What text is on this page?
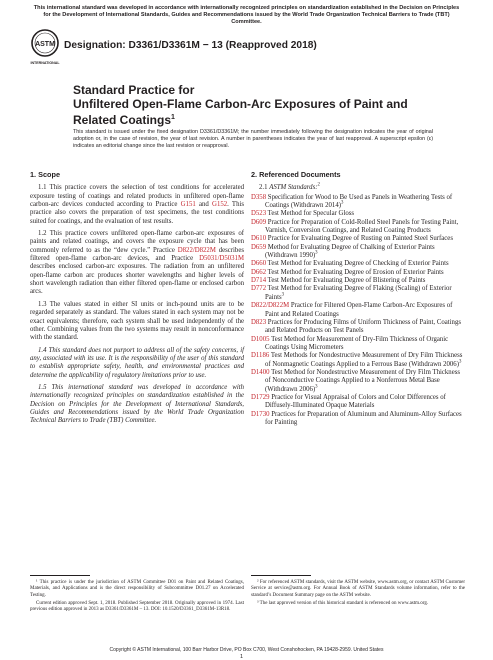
This international standard was developed in accordance with internationally recognized principles on standardization established in the Decision on Principles for the Development of International Standards, Guides and Recommendations issued by the World Trade Organization Technical Barriers to Trade (TBT) Committee.
ASTM
INTERNATIONAL
Designation: D3361/D3361M − 13 (Reapproved 2018)
Standard Practice for
Unfiltered Open-Flame Carbon-Arc Exposures of Paint and Related Coatings$^1$
This standard is issued under the fixed designation D3361/D3361M; the number immediately following the designation indicates the year of original adoption or, in the case of revision, the year of last revision. A number in parentheses indicates the year of last reapproval. A superscript epsilon (ε) indicates an editorial change since the last revision or reapproval.
1. Scope

1.1 This practice covers the selection of test conditions for accelerated exposure testing of coatings and related products in unfiltered open-flame carbon-arc devices conducted according to Practice G151 and G152. This practice also covers the preparation of test specimens, the test conditions suited for coatings, and the evaluation of test results.

1.2 This practice covers unfiltered open-flame carbon-arc exposures of paints and related coatings, and covers the exposure cycle that has been commonly referred to as the “dew cycle.” Practice D822/D822M describes filtered open-flame carbon-arc devices, and Practice D5031/D5031M describes enclosed carbon-arc exposures. The radiation from an unfiltered open-flame carbon arc produces shorter wavelengths and higher levels of short wavelength radiation than either filtered open-flame or enclosed carbon arcs.

1.3 The values stated in either SI units or inch-pound units are to be regarded separately as standard. The values stated in each system may not be exact equivalents; therefore, each system shall be used independently of the other. Combining values from the two systems may result in nonconformance with the standard.

1.4 This standard does not purport to address all of the safety concerns, if any, associated with its use. It is the responsibility of the user of this standard to establish appropriate safety, health, and environmental practices and determine the applicability of regulatory limitations prior to use.

1.5 This international standard was developed in accordance with internationally recognized principles on standardization established in the Decision on Principles for the Development of International Standards, Guides and Recommendations issued by the World Trade Organization Technical Barriers to Trade (TBT) Committee.

2. Referenced Documents

2.1 ASTM Standards:$^2$

D358 Specification for Wood to Be Used as Panels in Weathering Tests of Coatings (Withdrawn 2014)$^3$

D523 Test Method for Specular Gloss

D609 Practice for Preparation of Cold-Rolled Steel Panels for Testing Paint, Varnish, Conversion Coatings, and Related Coating Products

D610 Practice for Evaluating Degree of Rusting on Painted Steel Surfaces

D659 Method for Evaluating Degree of Chalking of Exterior Paints (Withdrawn 1990)$^3$

D660 Test Method for Evaluating Degree of Checking of Exterior Paints

D662 Test Method for Evaluating Degree of Erosion of Exterior Paints

D714 Test Method for Evaluating Degree of Blistering of Paints

D772 Test Method for Evaluating Degree of Flaking (Scaling) of Exterior Paints$^3$

D822/D822M Practice for Filtered Open-Flame Carbon-Arc Exposures of Paint and Related Coatings

D823 Practices for Producing Films of Uniform Thickness of Paint, Coatings and Related Products on Test Panels

D1005 Test Method for Measurement of Dry-Film Thickness of Organic Coatings Using Micrometers

D1186 Test Methods for Nondestructive Measurement of Dry Film Thickness of Nonmagnetic Coatings Applied to a Ferrous Base (Withdrawn 2006)$^3$

D1400 Test Method for Nondestructive Measurement of Dry Film Thickness of Nonconductive Coatings Applied to a Nonferrous Metal Base (Withdrawn 2006)$^3$

D1729 Practice for Visual Appraisal of Colors and Color Differences of Diffusely-Illuminated Opaque Materials

D1730 Practices for Preparation of Aluminum and Aluminum-Alloy Surfaces for Painting

¹ This practice is under the jurisdiction of ASTM Committee D01 on Paint and Related Coatings, Materials, and Applications and is the direct responsibility of Subcommittee D01.27 on Accelerated Testing.

Current edition approved Sept. 1, 2018. Published September 2018. Originally approved in 1974. Last previous edition approved in 2013 as D3361/D3361M – 13. DOI: 10.1520/D3361_D3361M-13R18.

² For referenced ASTM standards, visit the ASTM website, www.astm.org, or contact ASTM Customer Service at service@astm.org. For Annual Book of ASTM Standards volume information, refer to the standard’s Document Summary page on the ASTM website.

³ The last approved version of this historical standard is referenced on www.astm.org.

Copyright © ASTM International, 100 Barr Harbor Drive, PO Box C700, West Conshohocken, PA 19428-2959. United States
1
